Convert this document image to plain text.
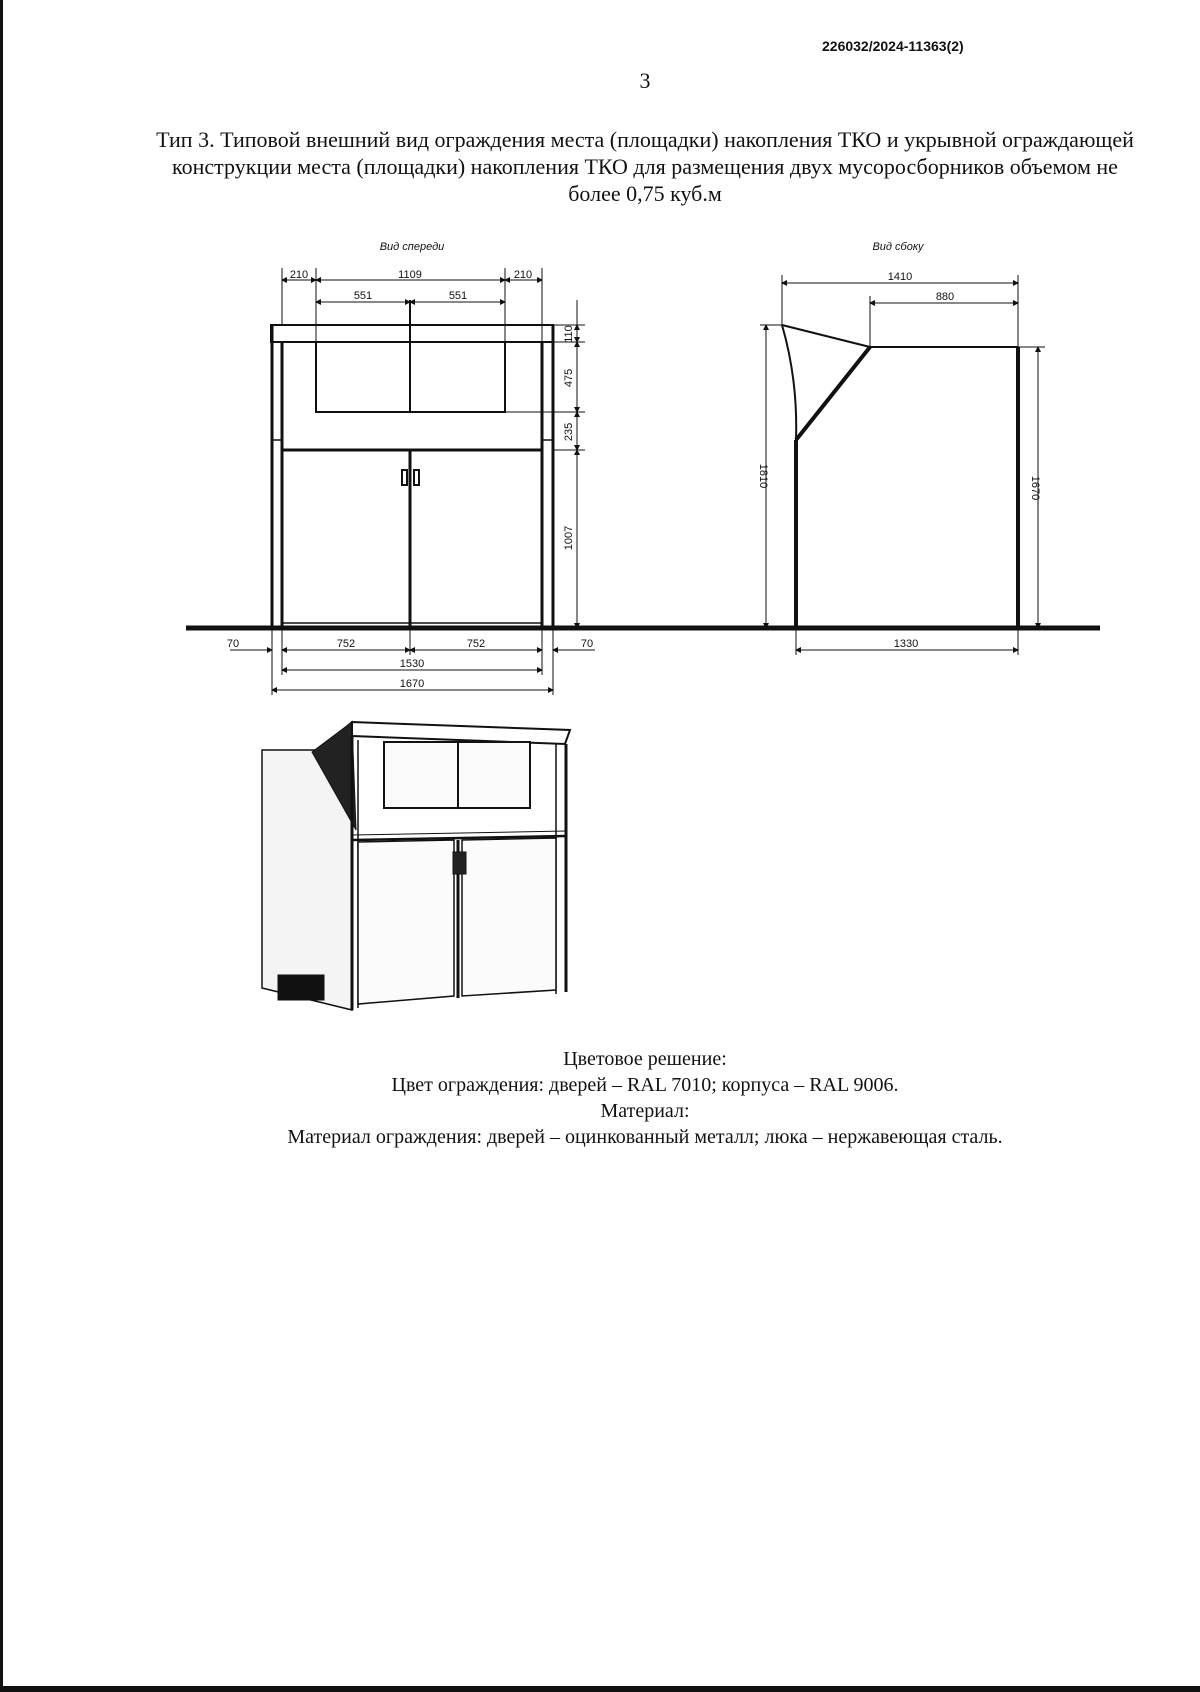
226032/2024-11363(2)
3
Тип 3. Типовой внешний вид ограждения места (площадки) накопления ТКО и укрывной ограждающей конструкции места (площадки) накопления ТКО для размещения двух мусоросборников объемом не более 0,75 куб.м
Вид спереди
210	1109	210
551	551
110
475
235
1007
70	752	752	70
1530
1670
Вид сбоку
1410
880
1810	1670
1330
Цветовое решение:
Цвет ограждения: дверей – RAL 7010; корпуса – RAL 9006.
Материал:
Материал ограждения: дверей – оцинкованный металл; люка – нержавеющая сталь.
